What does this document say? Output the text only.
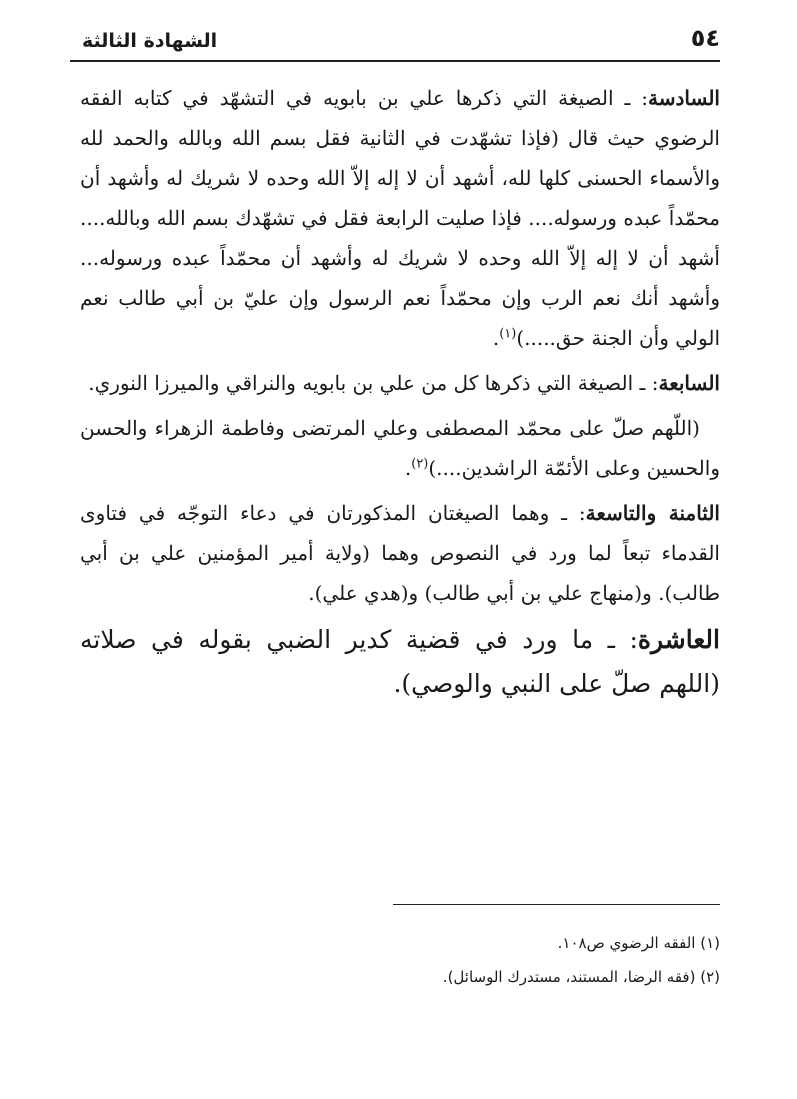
الشهادة الثالثة	٥٤

السادسة: ـ الصيغة التي ذكرها علي بن بابويه في التشهّد في كتابه الفقه الرضوي حيث قال (فإذا تشهّدت في الثانية فقل بسم الله وبالله والحمد لله والأسماء الحسنى كلها لله، أشهد أن لا إله إلاّ الله وحده لا شريك له وأشهد أن محمّداً عبده ورسوله.... فإذا صليت الرابعة فقل في تشهّدك بسم الله وبالله.... أشهد أن لا إله إلاّ الله وحده لا شريك له وأشهد أن محمّداً عبده ورسوله... وأشهد أنك نعم الرب وإن محمّداً نعم الرسول وإن عليّ بن أبي طالب نعم الولي وأن الجنة حق.....)$^{(١)}$.

السابعة: ـ الصيغة التي ذكرها كل من علي بن بابويه والنراقي والميرزا النوري.

(اللّهم صلّ على محمّد المصطفى وعلي المرتضى وفاطمة الزهراء والحسن والحسين وعلى الأئمّة الراشدين....)$^{(٢)}$.

الثامنة والتاسعة: ـ وهما الصيغتان المذكورتان في دعاء التوجّه في فتاوى القدماء تبعاً لما ورد في النصوص وهما (ولاية أمير المؤمنين علي بن أبي طالب). و(منهاج علي بن أبي طالب) و(هدي علي).

العاشرة: ـ ما ورد في قضية كدير الضبي بقوله في صلاته (اللهم صلّ على النبي والوصي).

(١) الفقه الرضوي ص١٠٨.

(٢) (فقه الرضا، المستند، مستدرك الوسائل).
